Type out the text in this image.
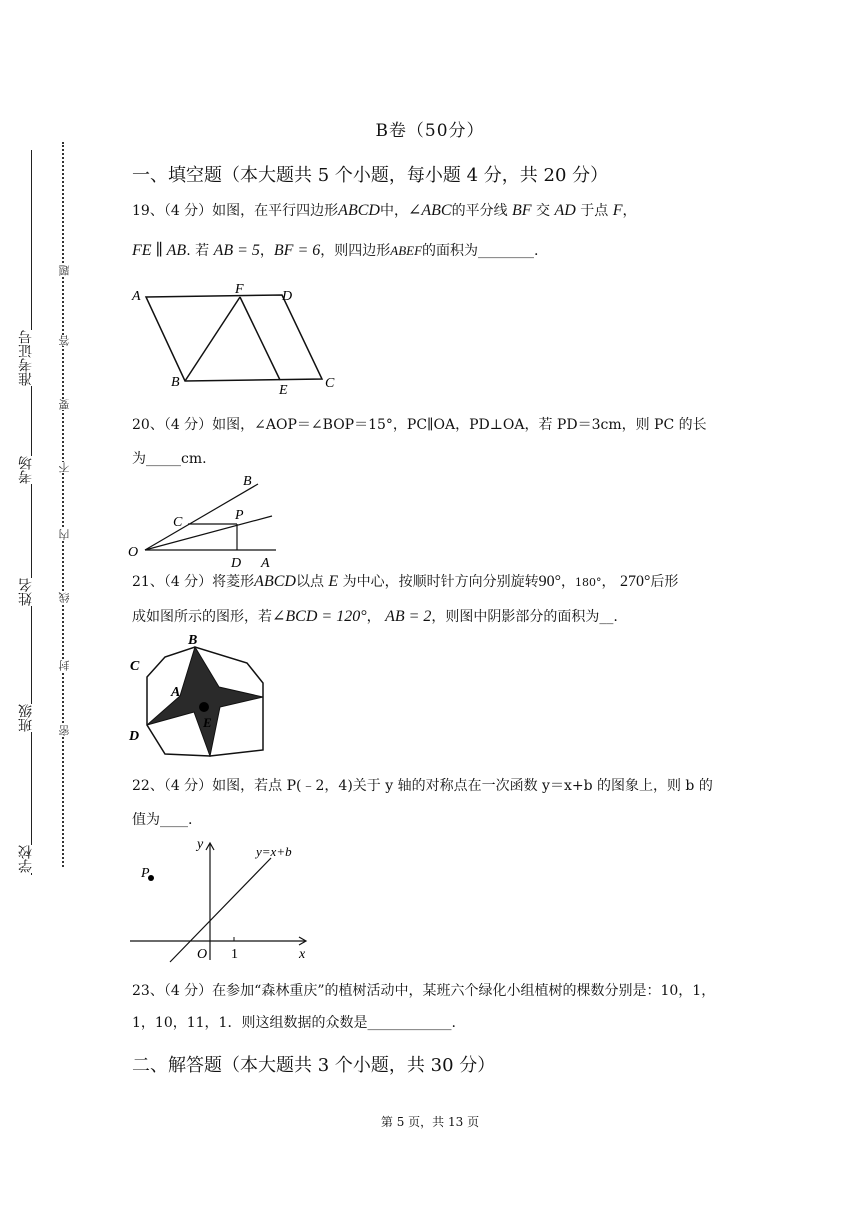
准考证号
考场
姓名
班级
学校
题
答
要
不
内
线
封
密
B卷（50分）
一、填空题（本大题共 5 个小题，每小题 4 分，共 20 分）
19、（4 分）如图，在平行四边形ABCD中，∠ABC的平分线 BF 交 AD 于点 F，
FE ∥ AB. 若 AB = 5，BF = 6，则四边形ABEF的面积为________.
A	F	D
B
E	C
20、（4 分）如图，∠AOP＝∠BOP＝15°，PC∥OA，PD⊥OA，若 PD＝3cm，则 PC 的长
为_____cm.
B
C	P
O
D A
21、（4 分）将菱形ABCD以点 E 为中心，按顺时针方向分别旋转90°，180°， 270°后形
成如图所示的图形，若∠BCD = 120°， AB = 2，则图中阴影部分的面积为__.
B
C
A
E
D
22、（4 分）如图，若点 P(﹣2，4)关于 y 轴的对称点在一次函数 y＝x+b 的图象上，则 b 的
值为____.
y	y=x+b
P
O 1	x
23、（4 分）在参加“森林重庆”的植树活动中，某班六个绿化小组植树的棵数分别是：10，1，
1，10，11，1．则这组数据的众数是____________.
二、解答题（本大题共 3 个小题，共 30 分）
第 5 页，共 13 页
